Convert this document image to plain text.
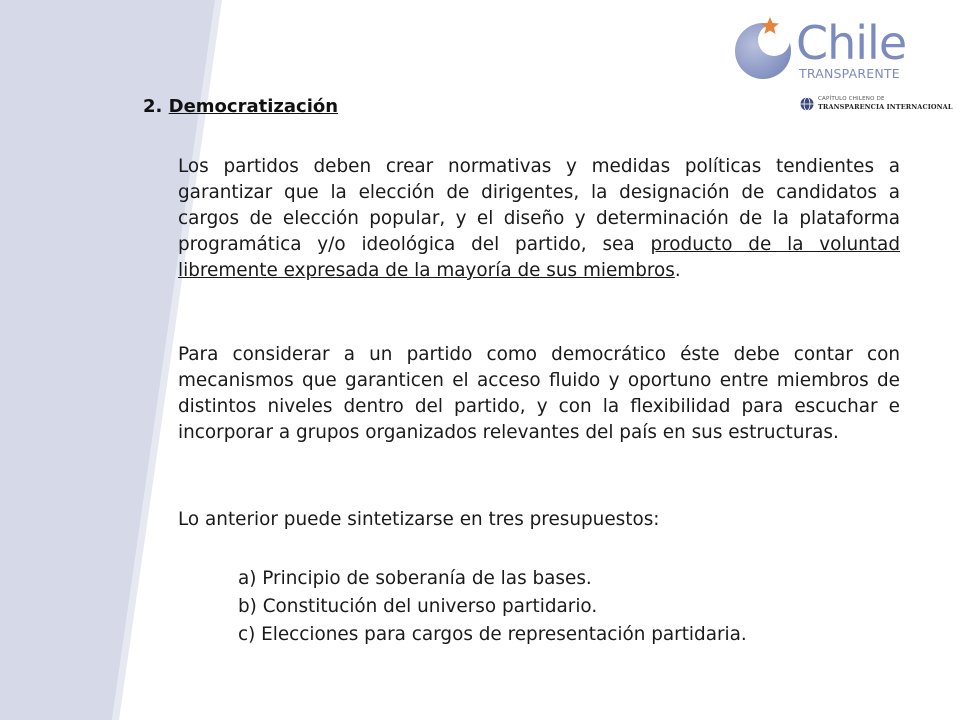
Chile
TRANSPARENTE
CAPÍTULO CHILENO DE
TRANSPARENCIA INTERNACIONAL
2. Democratización
Los partidos deben crear normativas y medidas políticas tendientes a garantizar que la elección de dirigentes, la designación de candidatos a cargos de elección popular, y el diseño y determinación de la plataforma programática y/o ideológica del partido, sea producto de la voluntad libremente expresada de la mayoría de sus miembros.
Para considerar a un partido como democrático éste debe contar con mecanismos que garanticen el acceso fluido y oportuno entre miembros de distintos niveles dentro del partido, y con la flexibilidad para escuchar e incorporar a grupos organizados relevantes del país en sus estructuras.
Lo anterior puede sintetizarse en tres presupuestos:
a) Principio de soberanía de las bases.
b) Constitución del universo partidario.
c) Elecciones para cargos de representación partidaria.
